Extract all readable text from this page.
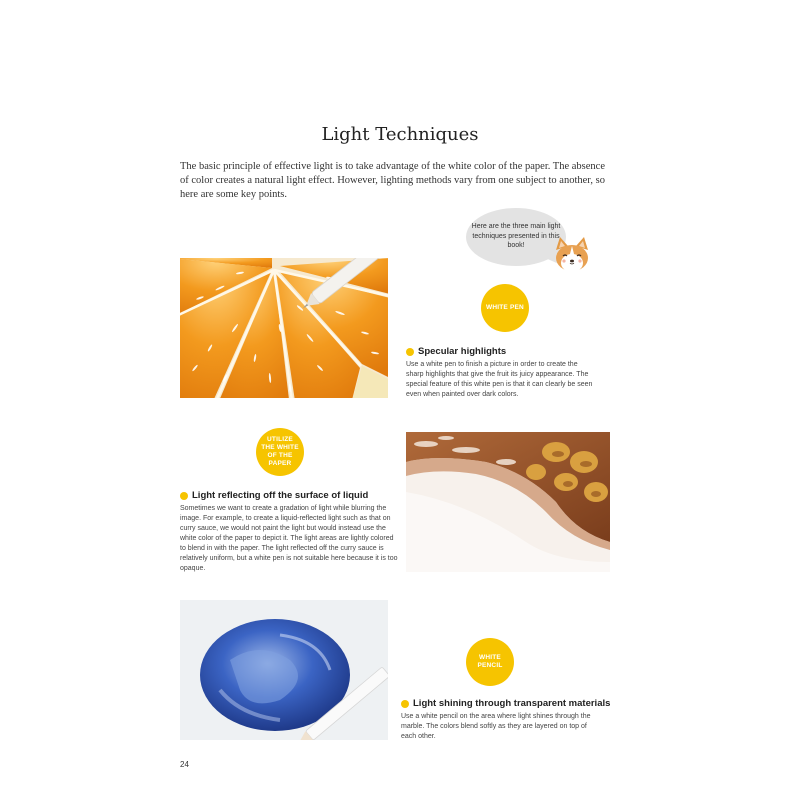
Light Techniques
The basic principle of effective light is to take advantage of the white color of the paper. The absence of color creates a natural light effect. However, lighting methods vary from one subject to another, so here are some key points.
Here are the three main light techniques presented in this book!
WHITE PEN
Specular highlights
Use a white pen to finish a picture in order to create the sharp highlights that give the fruit its juicy appearance. The special feature of this white pen is that it can clearly be seen even when painted over dark colors.
UTILIZE THE WHITE OF THE PAPER
Light reflecting off the surface of liquid
Sometimes we want to create a gradation of light while blurring the image. For example, to create a liquid-reflected light such as that on curry sauce, we would not paint the light but would instead use the white color of the paper to depict it. The light areas are lightly colored to blend in with the paper. The light reflected off the curry sauce is relatively uniform, but a white pen is not suitable here because it is too opaque.
WHITE PENCIL
Light shining through transparent materials
Use a white pencil on the area where light shines through the marble. The colors blend softly as they are layered on top of each other.
24
